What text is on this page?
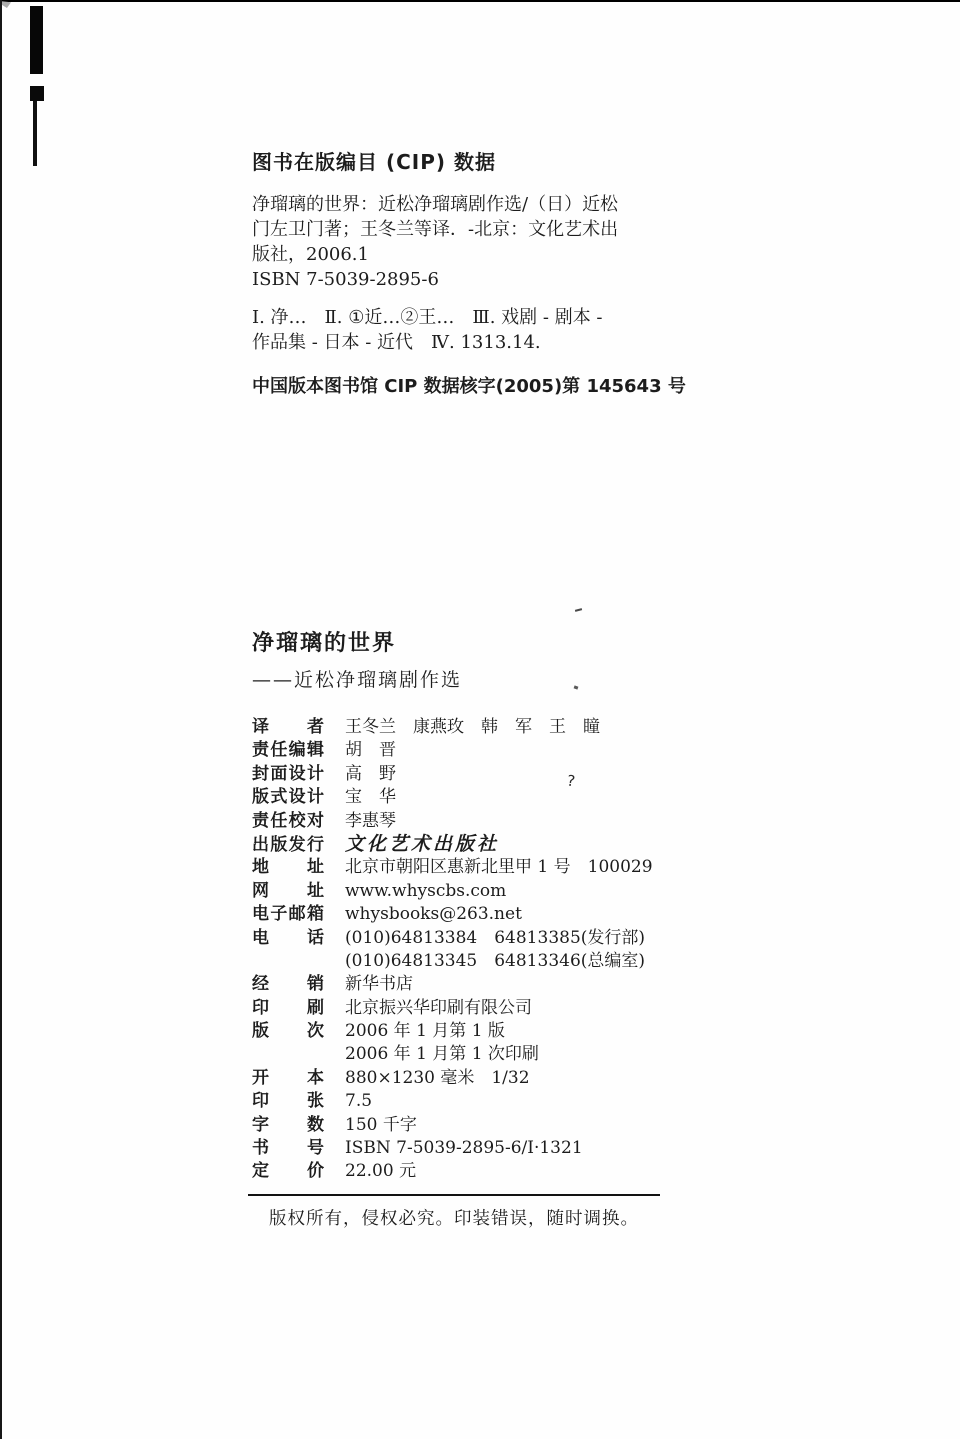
?
图书在版编目 (CIP) 数据
净瑠璃的世界：近松净瑠璃剧作选/（日）近松
门左卫门著；王冬兰等译．-北京：文化艺术出
版社，2006.1
ISBN 7-5039-2895-6
Ⅰ. 净…　Ⅱ. ①近…②王…　Ⅲ. 戏剧 - 剧本 -
作品集 - 日本 - 近代　Ⅳ. 1313.14.
中国版本图书馆 CIP 数据核字(2005)第 145643 号
净瑠璃的世界
——近松净瑠璃剧作选
译者 王冬兰　康燕玫　韩　军　王　瞳
责任编辑 胡　晋
封面设计 高　野
版式设计 宝　华
责任校对 李惠琴
出版发行 文化艺术出版社
地址 北京市朝阳区惠新北里甲 1 号　100029
网址 www.whyscbs.com
电子邮箱 whysbooks@263.net
电话 (010)64813384　64813385(发行部)
(010)64813345　64813346(总编室)
经销 新华书店
印刷 北京振兴华印刷有限公司
版次 2006 年 1 月第 1 版
2006 年 1 月第 1 次印刷
开本 880×1230 毫米　1/32
印张 7.5
字数 150 千字
书号 ISBN 7-5039-2895-6/I·1321
定价 22.00 元
版权所有，侵权必究。印装错误，随时调换。
